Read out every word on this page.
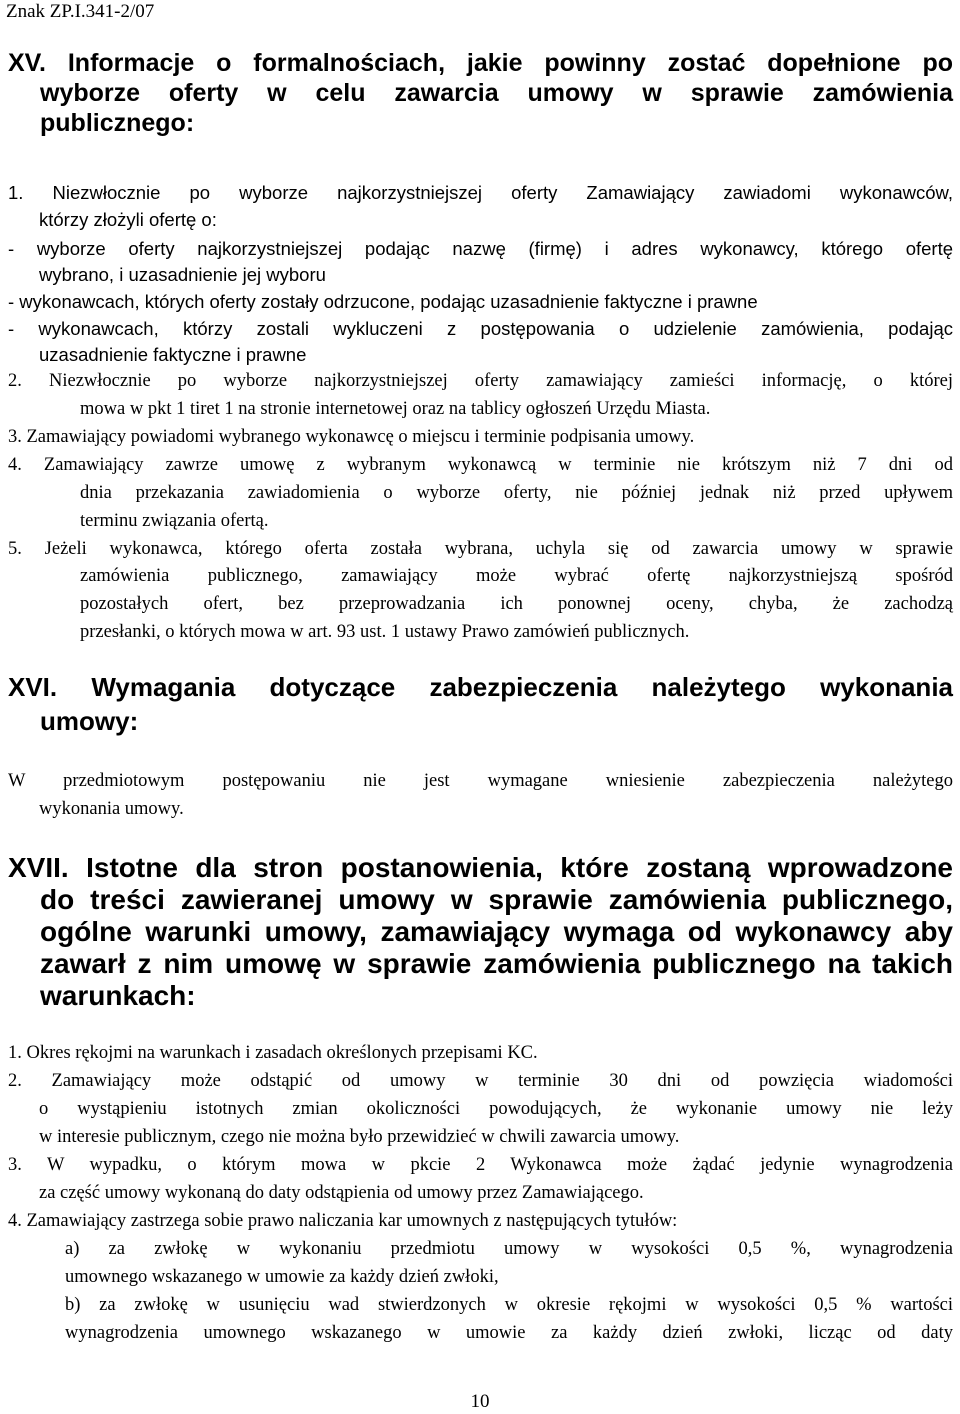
Znak ZP.I.341-2/07
XV. Informacje o formalnościach, jakie powinny zostać dopełnione po
wyborze oferty w celu zawarcia umowy w sprawie zamówienia
publicznego:
1. Niezwłocznie po wyborze najkorzystniejszej oferty Zamawiający zawiadomi wykonawców,
którzy złożyli ofertę o:
- wyborze oferty najkorzystniejszej podając nazwę (firmę) i adres wykonawcy, którego ofertę
wybrano, i uzasadnienie jej wyboru
- wykonawcach, których oferty zostały odrzucone, podając uzasadnienie faktyczne i prawne
- wykonawcach, którzy zostali wykluczeni z postępowania o udzielenie zamówienia, podając
uzasadnienie faktyczne i prawne
2. Niezwłocznie po wyborze najkorzystniejszej oferty zamawiający zamieści informację, o której
mowa w pkt 1 tiret 1 na stronie internetowej oraz na tablicy ogłoszeń Urzędu Miasta.
3. Zamawiający powiadomi wybranego wykonawcę o miejscu i terminie podpisania umowy.
4. Zamawiający zawrze umowę z wybranym wykonawcą w terminie nie krótszym niż 7 dni od
dnia przekazania zawiadomienia o wyborze oferty, nie później jednak niż przed upływem
terminu związania ofertą.
5. Jeżeli wykonawca, którego oferta została wybrana, uchyla się od zawarcia umowy w sprawie
zamówienia publicznego, zamawiający może wybrać ofertę najkorzystniejszą spośród
pozostałych ofert, bez przeprowadzania ich ponownej oceny, chyba, że zachodzą
przesłanki, o których mowa w art. 93 ust. 1 ustawy Prawo zamówień publicznych.
XVI. Wymagania dotyczące zabezpieczenia należytego wykonania
umowy:
W przedmiotowym postępowaniu nie jest wymagane wniesienie zabezpieczenia należytego
wykonania umowy.
XVII. Istotne dla stron postanowienia, które zostaną wprowadzone
do treści zawieranej umowy w sprawie zamówienia publicznego,
ogólne warunki umowy, zamawiający wymaga od wykonawcy aby
zawarł z nim umowę w sprawie zamówienia publicznego na takich
warunkach:
1. Okres rękojmi na warunkach i zasadach określonych przepisami KC.
2. Zamawiający może odstąpić od umowy w terminie 30 dni od powzięcia wiadomości
o wystąpieniu istotnych zmian okoliczności powodujących, że wykonanie umowy nie leży
w interesie publicznym, czego nie można było przewidzieć w chwili zawarcia umowy.
3. W wypadku, o którym mowa w pkcie 2 Wykonawca może żądać jedynie wynagrodzenia
za część umowy wykonaną do daty odstąpienia od umowy przez Zamawiającego.
4. Zamawiający zastrzega sobie prawo naliczania kar umownych z następujących tytułów:
a) za zwłokę w wykonaniu przedmiotu umowy w wysokości 0,5 %, wynagrodzenia
umownego wskazanego w umowie za każdy dzień zwłoki,
b) za zwłokę w usunięciu wad stwierdzonych w okresie rękojmi w wysokości 0,5 % wartości
wynagrodzenia umownego wskazanego w umowie za każdy dzień zwłoki, licząc od daty
10
